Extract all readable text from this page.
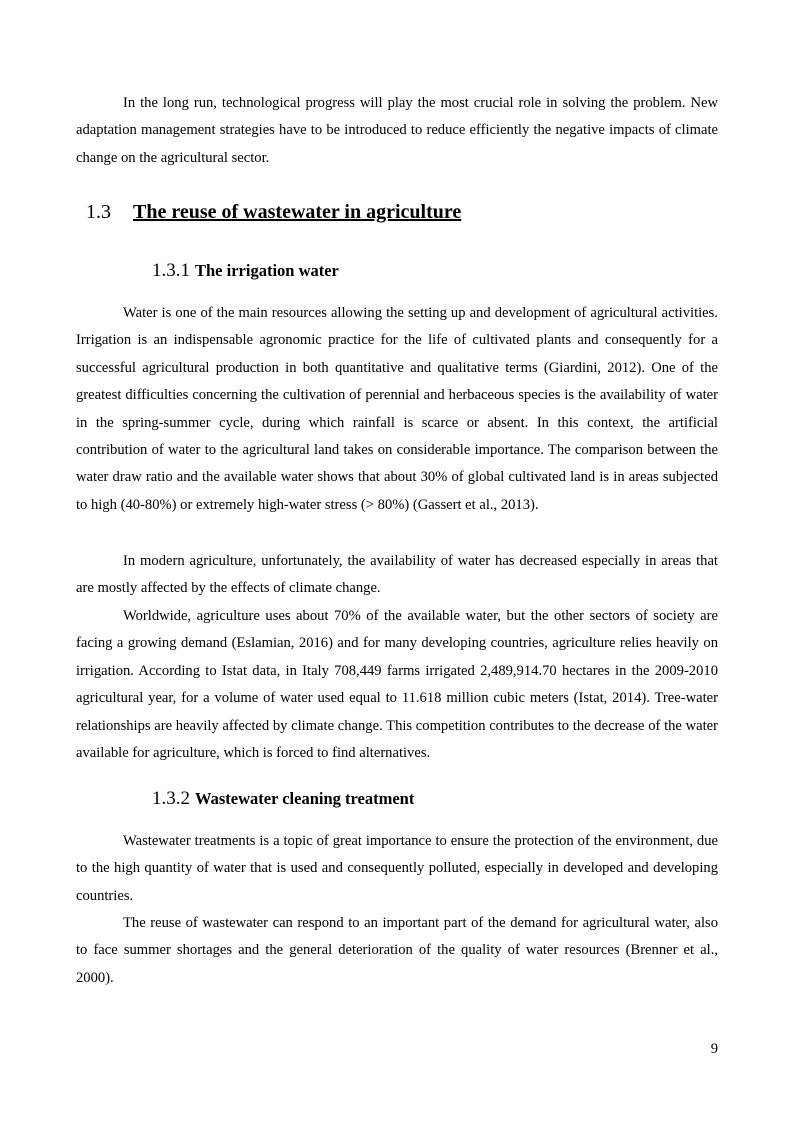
In the long run, technological progress will play the most crucial role in solving the problem. New adaptation management strategies have to be introduced to reduce efficiently the negative impacts of climate change on the agricultural sector.

1.3 The reuse of wastewater in agriculture
1.3.1 The irrigation water

Water is one of the main resources allowing the setting up and development of agricultural activities. Irrigation is an indispensable agronomic practice for the life of cultivated plants and consequently for a successful agricultural production in both quantitative and qualitative terms (Giardini, 2012). One of the greatest difficulties concerning the cultivation of perennial and herbaceous species is the availability of water in the spring-summer cycle, during which rainfall is scarce or absent. In this context, the artificial contribution of water to the agricultural land takes on considerable importance. The comparison between the water draw ratio and the available water shows that about 30% of global cultivated land is in areas subjected to high (40-80%) or extremely high-water stress (> 80%) (Gassert et al., 2013).

In modern agriculture, unfortunately, the availability of water has decreased especially in areas that are mostly affected by the effects of climate change.

Worldwide, agriculture uses about 70% of the available water, but the other sectors of society are facing a growing demand (Eslamian, 2016) and for many developing countries, agriculture relies heavily on irrigation. According to Istat data, in Italy 708,449 farms irrigated 2,489,914.70 hectares in the 2009-2010 agricultural year, for a volume of water used equal to 11.618 million cubic meters (Istat, 2014). Tree-water relationships are heavily affected by climate change. This competition contributes to the decrease of the water available for agriculture, which is forced to find alternatives.

1.3.2 Wastewater cleaning treatment

Wastewater treatments is a topic of great importance to ensure the protection of the environment, due to the high quantity of water that is used and consequently polluted, especially in developed and developing countries.

The reuse of wastewater can respond to an important part of the demand for agricultural water, also to face summer shortages and the general deterioration of the quality of water resources (Brenner et al., 2000).

9
